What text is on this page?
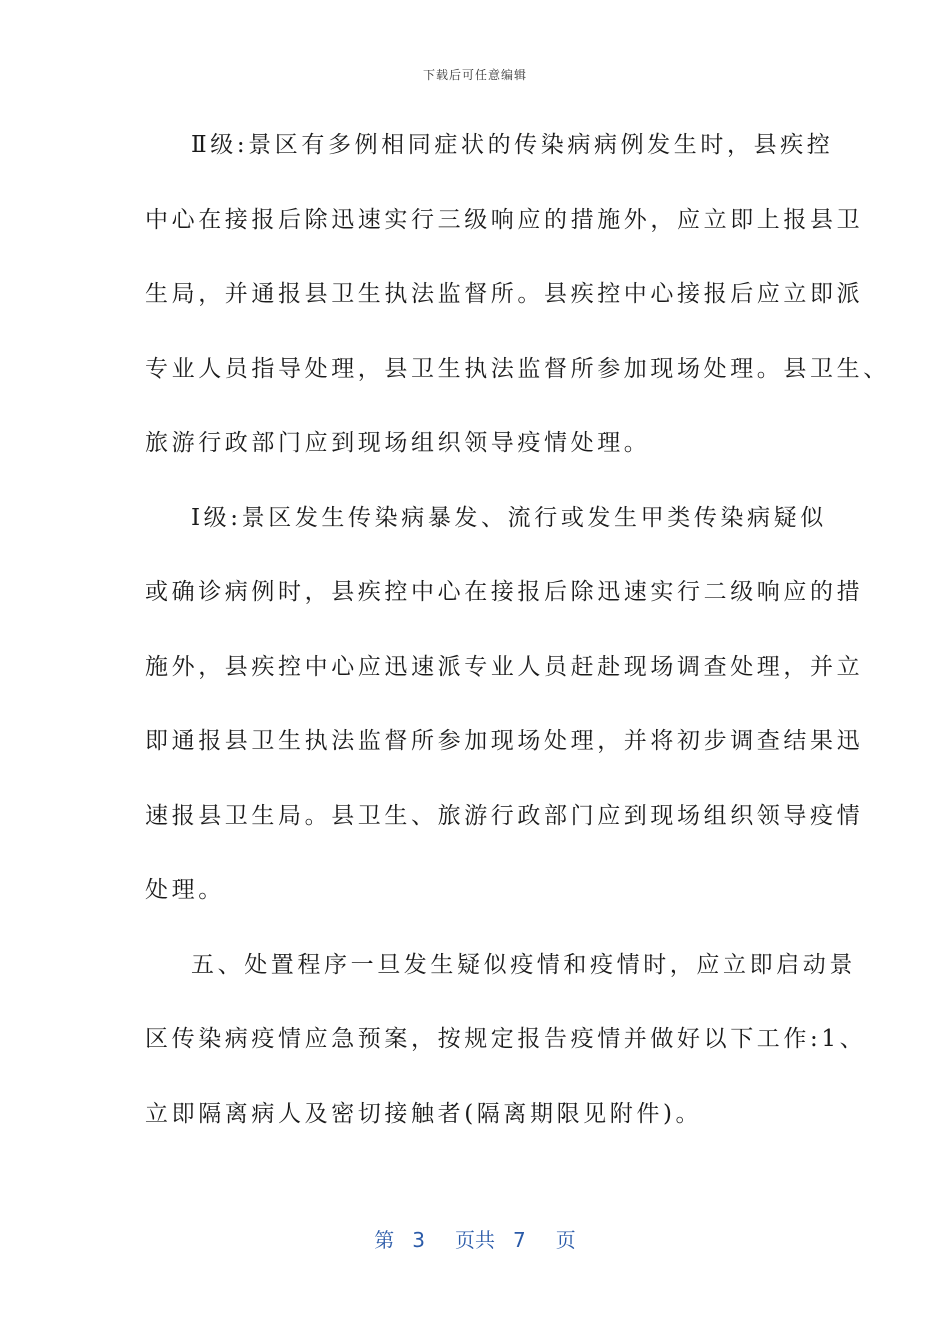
下载后可任意编辑
Ⅱ级:景区有多例相同症状的传染病病例发生时，县疾控
中心在接报后除迅速实行三级响应的措施外，应立即上报县卫
生局，并通报县卫生执法监督所。县疾控中心接报后应立即派
专业人员指导处理，县卫生执法监督所参加现场处理。县卫生、
旅游行政部门应到现场组织领导疫情处理。
Ⅰ级:景区发生传染病暴发、流行或发生甲类传染病疑似
或确诊病例时，县疾控中心在接报后除迅速实行二级响应的措
施外，县疾控中心应迅速派专业人员赶赴现场调查处理，并立
即通报县卫生执法监督所参加现场处理，并将初步调查结果迅
速报县卫生局。县卫生、旅游行政部门应到现场组织领导疫情
处理。
五、处置程序一旦发生疑似疫情和疫情时，应立即启动景
区传染病疫情应急预案，按规定报告疫情并做好以下工作:1、
立即隔离病人及密切接触者(隔离期限见附件)。
第 3 页共 7 页
